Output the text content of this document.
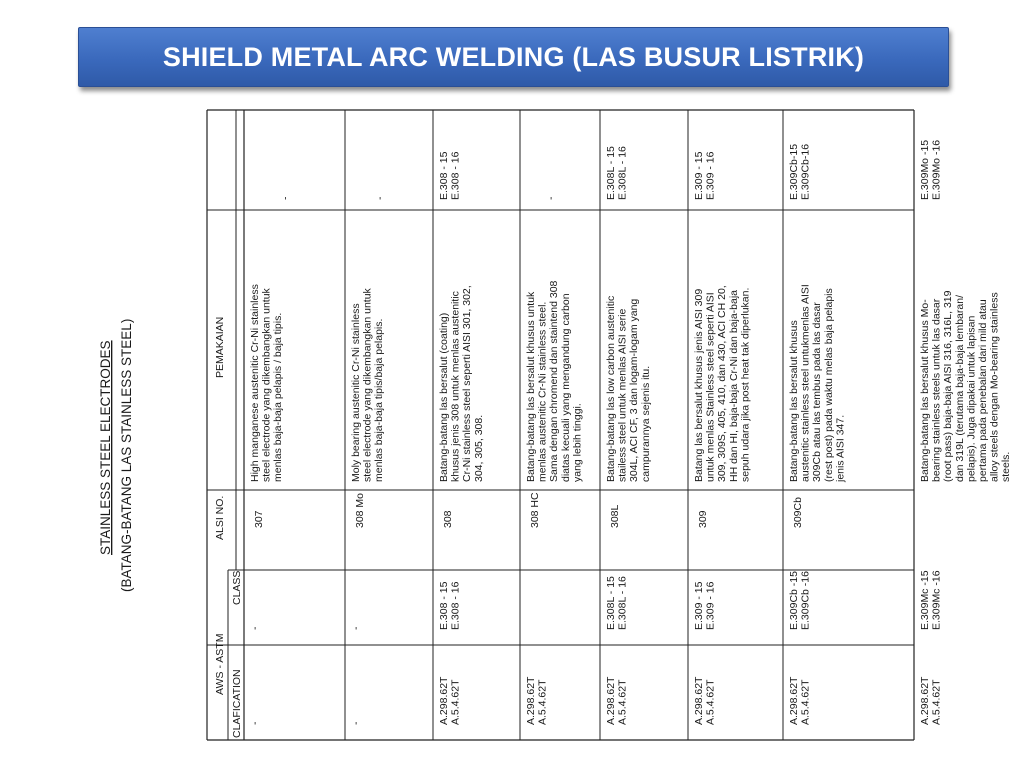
SHIELD METAL ARC WELDING (LAS BUSUR LISTRIK)
STAINLESS STEEL ELECTRODES (BATANG-BATANG LAS STAINLESS STEEL)
AWS - ASTM
CLAFICATION
CLASS
ALSI NO.
PEMAKAIAN
-
-
307
High manganese austenitic Cr-Ni stainless steel electrode yang dikembangkan untuk menlas baja-baja pelapis / baja tipis.
-
-
-
308 Mo
Moly bearing austenitic Cr-Ni stainless steel electrode yang dikembangkan untuk menlas baja-baja tipis/baja pelapis.
-
A.298.62T A.5.4.62T
E.308 - 15 E.308 - 16
308
Batang-batang las bersalut (coating) khusus jenis 308 untuk menlas austenitic Cr-Ni stainless steel seperti AISI 301, 302, 304, 305, 308.
E.308 - 15 E.308 - 16
A.298.62T A.5.4.62T
308 HC
Batang-batang las bersalut khusus untuk menlas austenitic Cr-Ni stainless steel. Sama dengan chromend dan staintend 308 diatas kecuali yang mengandung carbon yang lebih tinggi.
-
A.298.62T A.5.4.62T
E.308L - 15 E.308L - 16
308L
Batang-batang las low carbon austenitic stailess steel untuk menlas AISI serie 304L, ACI CF, 3 dan logam-logam yang campurannya sejenis itu.
E.308L - 15 E.308L - 16
A.298.62T A.5.4.62T
E.309 - 15 E.309 - 16
309
Batang las bersalut khusus jenis AISI 309 untuk menlas Stainless steel seperti AISI 309, 309S, 405, 410, dan 430, ACI CH 20, HH dan HI, baja-baja Cr-Ni dan baja-baja sepuh udara jika post heat tak diperlukan.
E.309 - 15 E.309 - 16
A.298.62T A.5.4.62T
E.309Cb -15 E.309Cb -16
309Cb
Batang-batang las bersalut khusus austenitic stainless steel untukmenlas AISI 309Cb atau las tembus pada las dasar (rest post) pada waktu melas baja pelapis jenis AISI 347.
E.309Cb-15 E.309Cb-16
A.298.62T A.5.4.62T
E.309Mc -15 E.309Mc -16
Batang-batang las bersalut khusus Mo- bearing stainless steels untuk las dasar (root pass) baja-baja AISI 316, 316L, 319 dan 319L (terutama baja-baja lembaran/ pelapis). Juga dipakai untuk lapisan pertama pada penebalan dari mild atau alloy steels dengan Mo-bearing stainless steels.
E.309Mo -15 E.309Mo -16
